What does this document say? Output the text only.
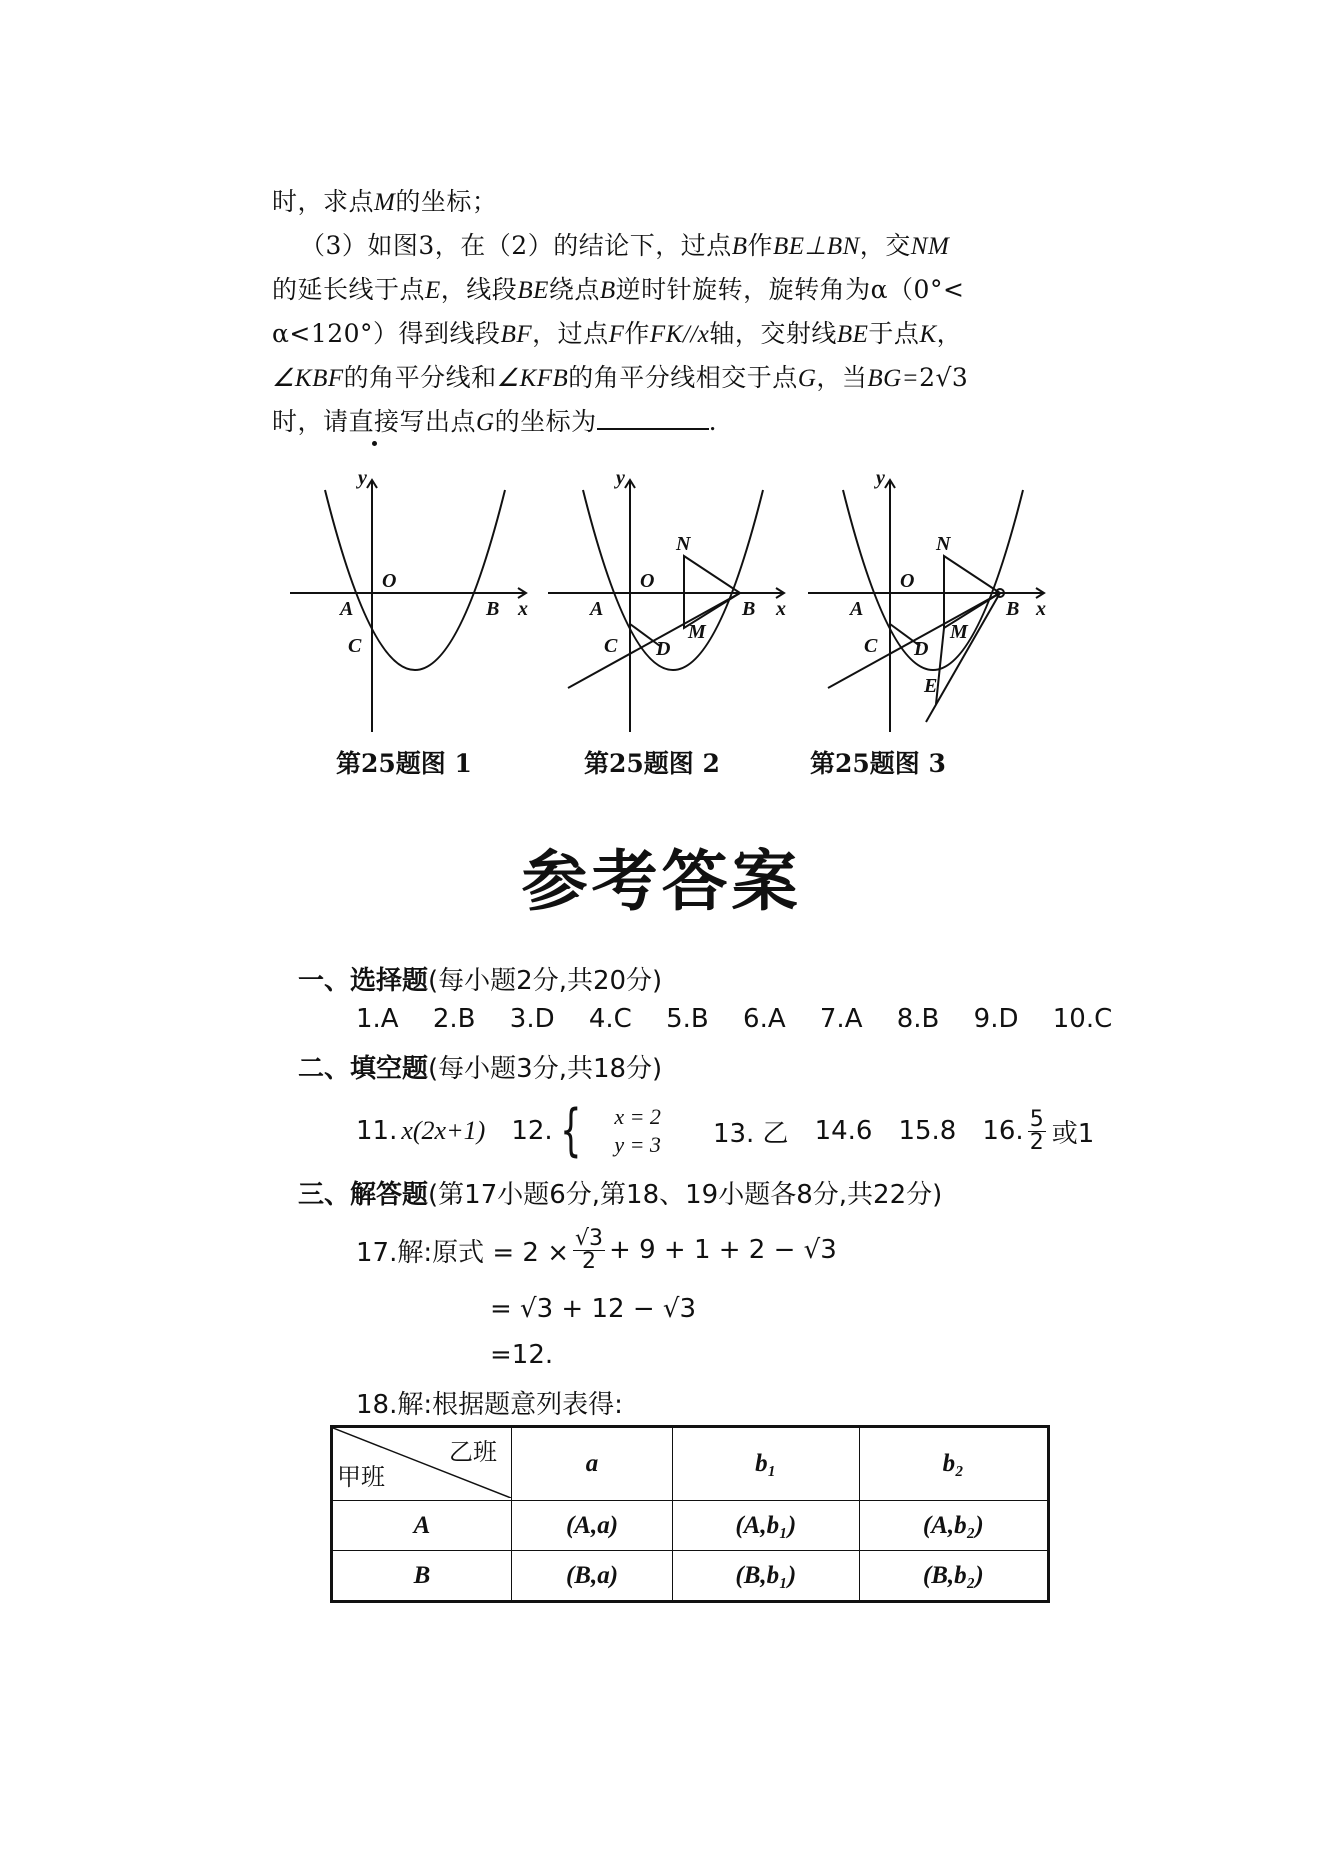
时，求点M的坐标；
（3）如图3，在（2）的结论下，过点B作BE⊥BN，交NM
的延长线于点E，线段BE绕点B逆时针旋转，旋转角为α（0°<
α<120°）得到线段BF，过点F作FK//x轴，交射线BE于点K，
∠KBF的角平分线和∠KFB的角平分线相交于点G，当BG=2√3
时，请直接写出点G的坐标为	.
y
O
A	B x
C
y
O
A	B x
C D
M
N
y
O
A	B x
C D
M
N
E
第25题图 1	第25题图 2	第25题图 3
参考答案
一、选择题(每小题2分,共20分)
1.A 2.B 3.D 4.C 5.B 6.A 7.A 8.B 9.D 10.C
二、填空题(每小题3分,共18分)
11. x(2x+1) 12. { x = 2
y = 3 13. 乙 14.6 15.8 16. $\frac{5}{2}$ 或1
三、解答题(第17小题6分,第18、19小题各8分,共22分)
17.解:原式 = $2 \times \frac{√3}{2} + 9 + 1 + 2 - √3$
= √3 + 12 − √3
=12.
18.解:根据题意列表得:
乙班
甲班	a	b₁	b₂
A	(A,a)	(A,b₁)	(A,b₂)
B	(B,a)	(B,b₁)	(B,b₂)
